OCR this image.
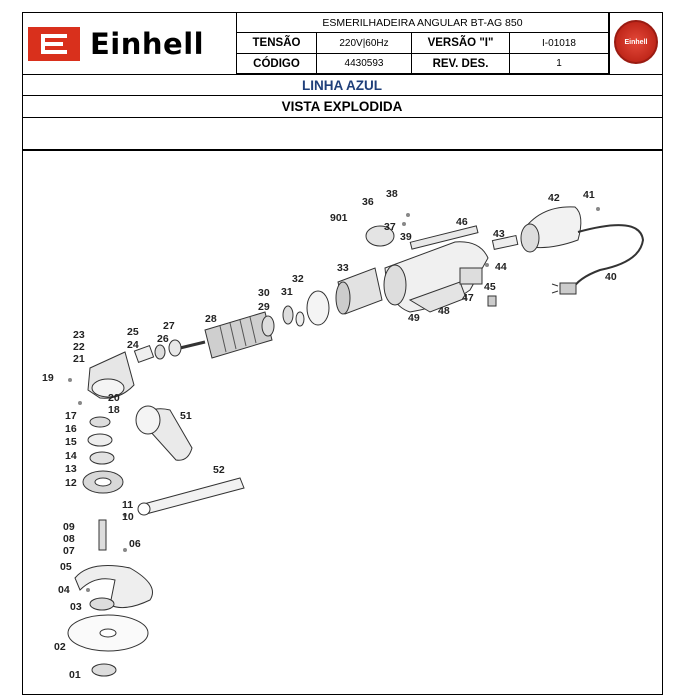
Einhell
ESMERILHADEIRA ANGULAR BT-AG 850
TENSÃO	220V|60Hz	VERSÃO "I"	I-01018
CÓDIGO	4430593	REV. DES.	1
Einhell
LINHA AZUL
VISTA EXPLODIDA
01
02
03
04
05
06
07
08
09
10
11
12
13
14
15
16
17	18
19
20
21
22
23
24
25
26
27
28
29
30 31
32
33
36
37
38
39
40
41
42
43
44
45
46
47
48
49
51
52
901
